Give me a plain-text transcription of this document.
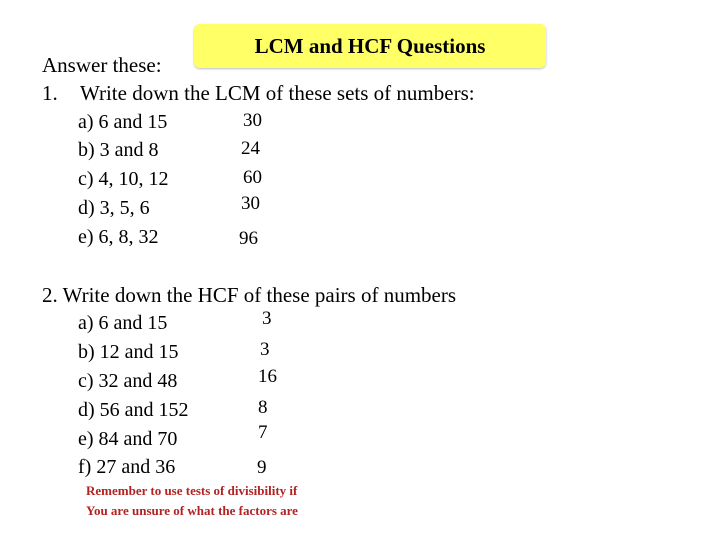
LCM and HCF Questions
Answer these:
1. Write down the LCM of these sets of numbers:
a) 6 and 15
b) 3 and 8
c) 4, 10, 12
d) 3, 5, 6
e) 6, 8, 32
30
24
60
30
96
2. Write down the HCF of these pairs of numbers
a) 6 and 15
b) 12 and 15
c) 32 and 48
d) 56 and 152
e) 84 and 70
f) 27 and 36
3
3
16
8
7
9
Remember to use tests of divisibility if
You are unsure of what the factors are
